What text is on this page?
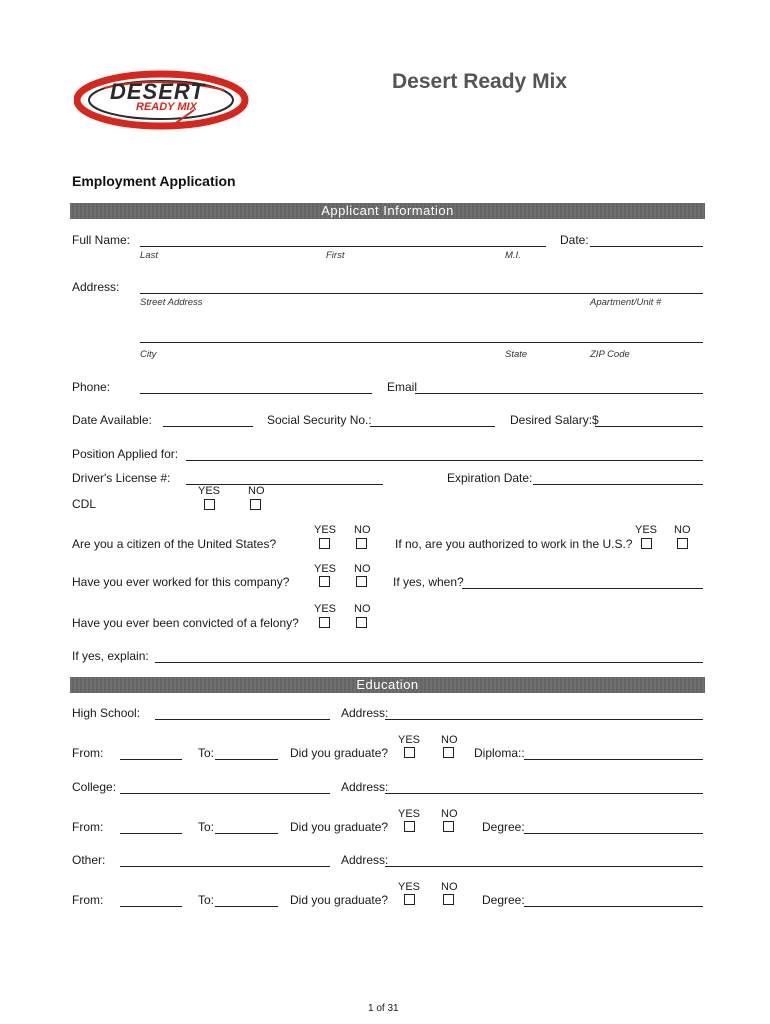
DESERT
READY MIX
Desert Ready Mix
Employment Application
Applicant Information
Full Name:	Date:
Last	First	M.I.
Address:
Street Address	Apartment/Unit #
City	State	ZIP Code
Phone:	Email
Date Available:	Social Security No.:	Desired Salary:$
Position Applied for:
Driver's License #:	Expiration Date:
YES	NO
CDL
YES NO
Are you a citizen of the United States?
YES NO
If no, are you authorized to work in the U.S.?
YES NO
Have you ever worked for this company?	If yes, when?
YES NO
Have you ever been convicted of a felony?
If yes, explain:
Education
High School:	Address:
YES NO
From:	To:	Did you graduate?	Diploma::
College:	Address:
YES NO
From:	To:	Did you graduate?	Degree:
Other:	Address:
YES NO
From:	To:	Did you graduate?	Degree:
1 of 31
